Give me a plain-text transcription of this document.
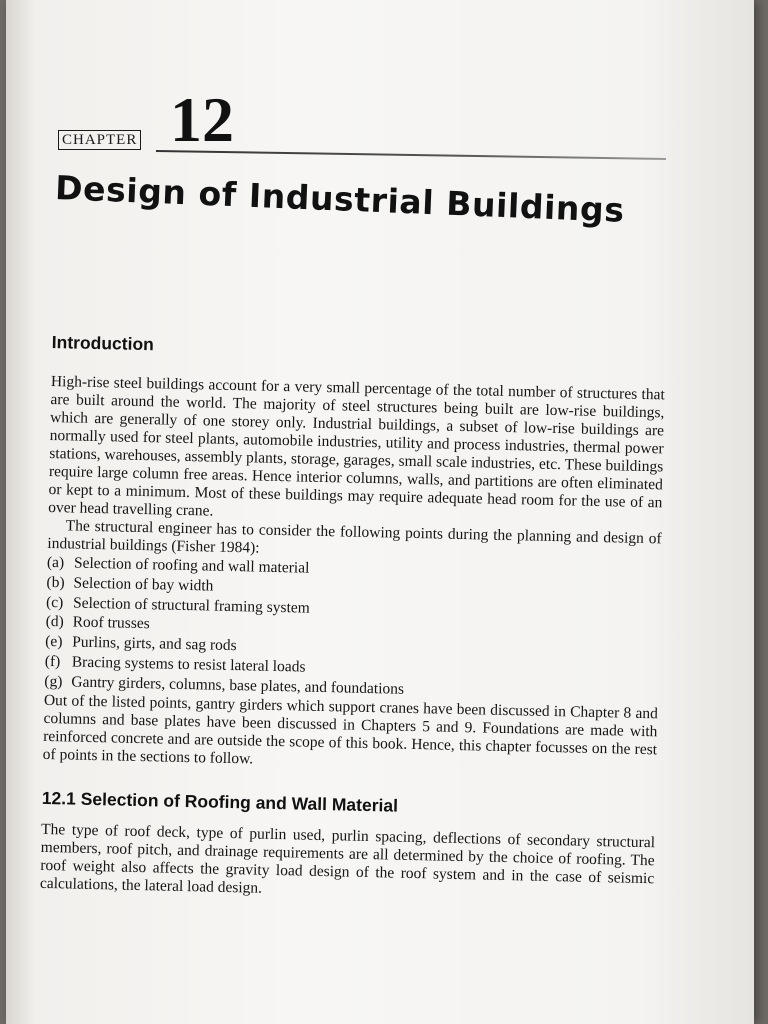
CHAPTER 12
Design of Industrial Buildings
Introduction

High-rise steel buildings account for a very small percentage of the total number of structures that are built around the world. The majority of steel structures being built are low-rise buildings, which are generally of one storey only. Industrial buildings, a subset of low-rise buildings are normally used for steel plants, automobile industries, utility and process industries, thermal power stations, warehouses, assembly plants, storage, garages, small scale industries, etc. These buildings require large column free areas. Hence interior columns, walls, and partitions are often eliminated or kept to a minimum. Most of these buildings may require adequate head room for the use of an over head travelling crane.

The structural engineer has to consider the following points during the planning and design of industrial buildings (Fisher 1984):

(a) Selection of roofing and wall material
(b) Selection of bay width
(c) Selection of structural framing system
(d) Roof trusses
(e) Purlins, girts, and sag rods
(f) Bracing systems to resist lateral loads
(g) Gantry girders, columns, base plates, and foundations

Out of the listed points, gantry girders which support cranes have been discussed in Chapter 8 and columns and base plates have been discussed in Chapters 5 and 9. Foundations are made with reinforced concrete and are outside the scope of this book. Hence, this chapter focusses on the rest of points in the sections to follow.

12.1 Selection of Roofing and Wall Material

The type of roof deck, type of purlin used, purlin spacing, deflections of secondary structural members, roof pitch, and drainage requirements are all determined by the choice of roofing. The roof weight also affects the gravity load design of the roof system and in the case of seismic calculations, the lateral load design.
